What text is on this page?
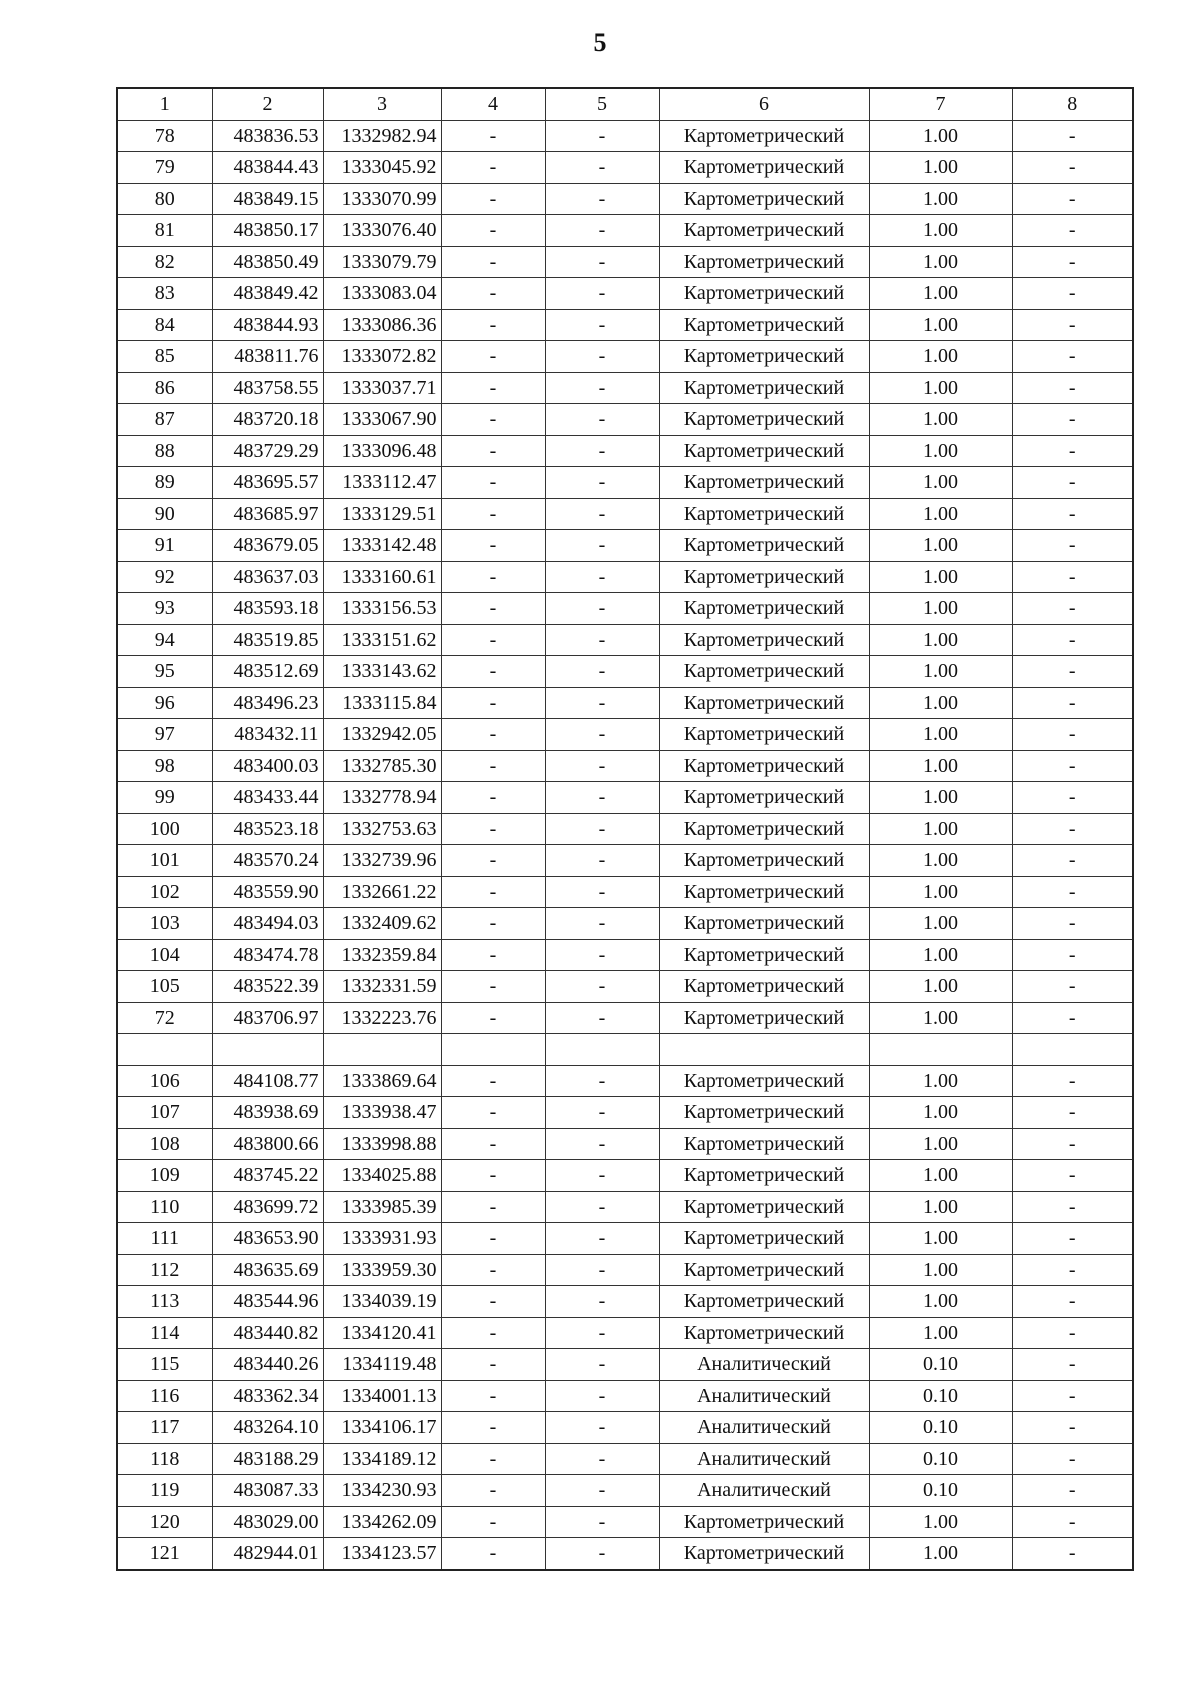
5
1	2	3	4	5	6	7	8
78	483836.53	1332982.94	-	-	Картометрический	1.00	-
79	483844.43	1333045.92	-	-	Картометрический	1.00	-
80	483849.15	1333070.99	-	-	Картометрический	1.00	-
81	483850.17	1333076.40	-	-	Картометрический	1.00	-
82	483850.49	1333079.79	-	-	Картометрический	1.00	-
83	483849.42	1333083.04	-	-	Картометрический	1.00	-
84	483844.93	1333086.36	-	-	Картометрический	1.00	-
85	483811.76	1333072.82	-	-	Картометрический	1.00	-
86	483758.55	1333037.71	-	-	Картометрический	1.00	-
87	483720.18	1333067.90	-	-	Картометрический	1.00	-
88	483729.29	1333096.48	-	-	Картометрический	1.00	-
89	483695.57	1333112.47	-	-	Картометрический	1.00	-
90	483685.97	1333129.51	-	-	Картометрический	1.00	-
91	483679.05	1333142.48	-	-	Картометрический	1.00	-
92	483637.03	1333160.61	-	-	Картометрический	1.00	-
93	483593.18	1333156.53	-	-	Картометрический	1.00	-
94	483519.85	1333151.62	-	-	Картометрический	1.00	-
95	483512.69	1333143.62	-	-	Картометрический	1.00	-
96	483496.23	1333115.84	-	-	Картометрический	1.00	-
97	483432.11	1332942.05	-	-	Картометрический	1.00	-
98	483400.03	1332785.30	-	-	Картометрический	1.00	-
99	483433.44	1332778.94	-	-	Картометрический	1.00	-
100	483523.18	1332753.63	-	-	Картометрический	1.00	-
101	483570.24	1332739.96	-	-	Картометрический	1.00	-
102	483559.90	1332661.22	-	-	Картометрический	1.00	-
103	483494.03	1332409.62	-	-	Картометрический	1.00	-
104	483474.78	1332359.84	-	-	Картометрический	1.00	-
105	483522.39	1332331.59	-	-	Картометрический	1.00	-
72	483706.97	1332223.76	-	-	Картометрический	1.00	-

106	484108.77	1333869.64	-	-	Картометрический	1.00	-
107	483938.69	1333938.47	-	-	Картометрический	1.00	-
108	483800.66	1333998.88	-	-	Картометрический	1.00	-
109	483745.22	1334025.88	-	-	Картометрический	1.00	-
110	483699.72	1333985.39	-	-	Картометрический	1.00	-
111	483653.90	1333931.93	-	-	Картометрический	1.00	-
112	483635.69	1333959.30	-	-	Картометрический	1.00	-
113	483544.96	1334039.19	-	-	Картометрический	1.00	-
114	483440.82	1334120.41	-	-	Картометрический	1.00	-
115	483440.26	1334119.48	-	-	Аналитический	0.10	-
116	483362.34	1334001.13	-	-	Аналитический	0.10	-
117	483264.10	1334106.17	-	-	Аналитический	0.10	-
118	483188.29	1334189.12	-	-	Аналитический	0.10	-
119	483087.33	1334230.93	-	-	Аналитический	0.10	-
120	483029.00	1334262.09	-	-	Картометрический	1.00	-
121	482944.01	1334123.57	-	-	Картометрический	1.00	-
